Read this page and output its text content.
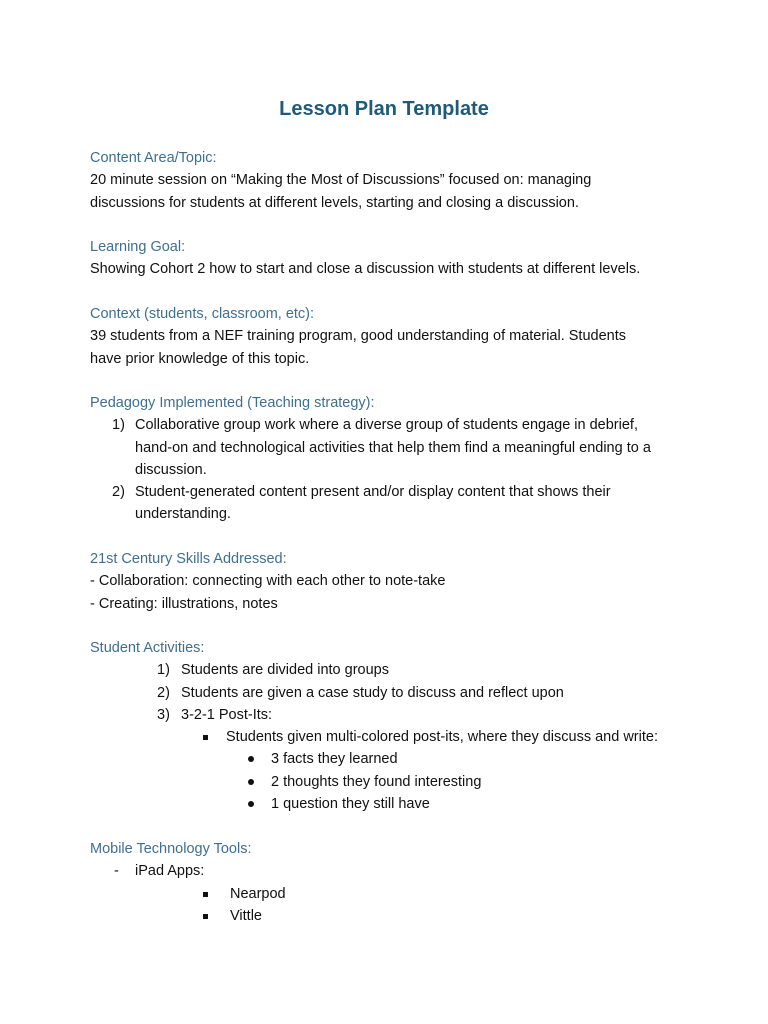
Lesson Plan Template
Content Area/Topic:
20 minute session on “Making the Most of Discussions” focused on: managing
discussions for students at different levels, starting and closing a discussion.
Learning Goal:
Showing Cohort 2 how to start and close a discussion with students at different levels.
Context (students, classroom, etc):
39 students from a NEF training program, good understanding of material. Students
have prior knowledge of this topic.
Pedagogy Implemented (Teaching strategy):
1) Collaborative group work where a diverse group of students engage in debrief,
hand-on and technological activities that help them find a meaningful ending to a
discussion.
2) Student-generated content present and/or display content that shows their
understanding.
21st Century Skills Addressed:
- Collaboration: connecting with each other to note-take
- Creating: illustrations, notes
Student Activities:
1) Students are divided into groups
2) Students are given a case study to discuss and reflect upon
3) 3-2-1 Post-Its:
Students given multi-colored post-its, where they discuss and write:
3 facts they learned
2 thoughts they found interesting
1 question they still have
Mobile Technology Tools:
- iPad Apps:
Nearpod
Vittle
